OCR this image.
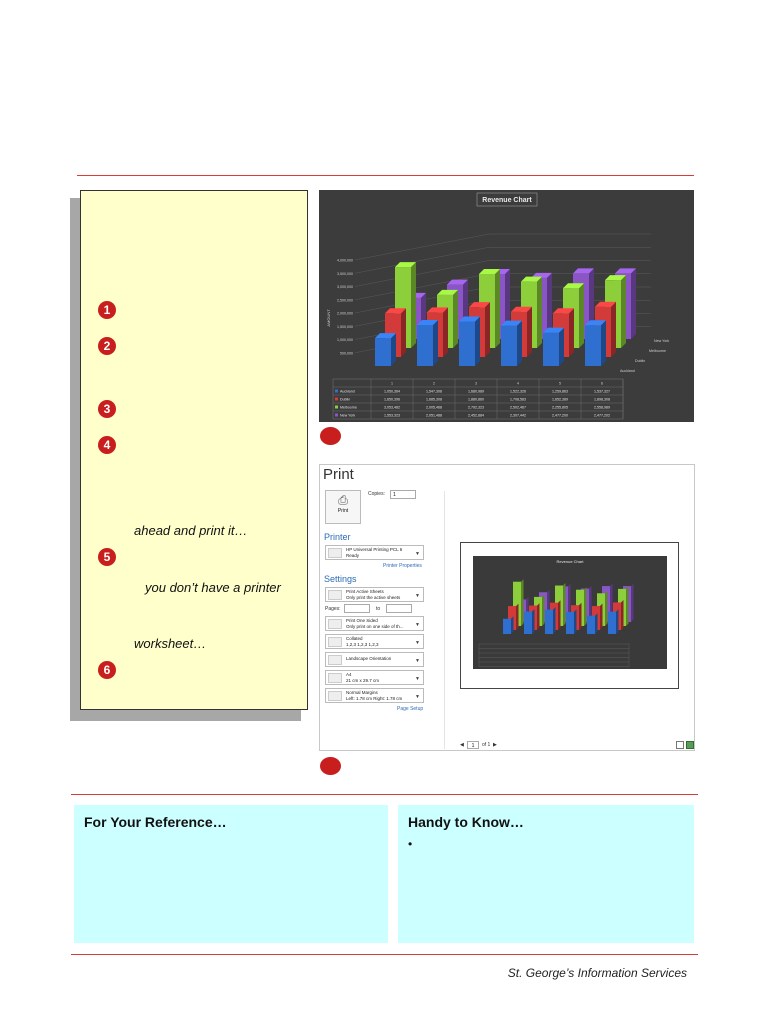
1
2
3
4
ahead and print it…
5
you don’t have a printer
worksheet…
6
Revenue Chart
AMOUNT
4,000,000
3,500,000
3,000,000
2,500,000
2,000,000
1,500,000
1,000,000
500,000
New York
Melbourne
Dublin
Auckland
1	2	3	4	5	6
Auckland	1,050,364	1,547,308	1,680,989	1,522,326	1,259,863	1,537,327
Dublin	1,650,396	1,685,308	1,880,860	1,708,583	1,652,389	1,898,308
Melbourne	3,053,482	2,005,468	2,792,323	2,502,467	2,255,805	2,558,989
New York	1,553,323	2,051,488	2,452,884	2,307,442	2,477,200	2,477,202
Print
⎙
Print
Copies:	1
Printer
HP Universal Printing PCL 6
Ready	▼
Printer Properties
Settings
Print Active Sheets
Only print the active sheets	▼
Pages:	to
Print One Sided
Only print on one side of th...	▼
Collated
1,2,3 1,2,3 1,2,3	▼
Landscape Orientation	▼
A4
21 cm x 29.7 cm	▼
Normal Margins
Left: 1.78 cm Right: 1.78 cm	▼
Page Setup
Revenue Chart
◀	1	of 1 ▶
For Your Reference…	Handy to Know…
•
St. George’s Information Services
